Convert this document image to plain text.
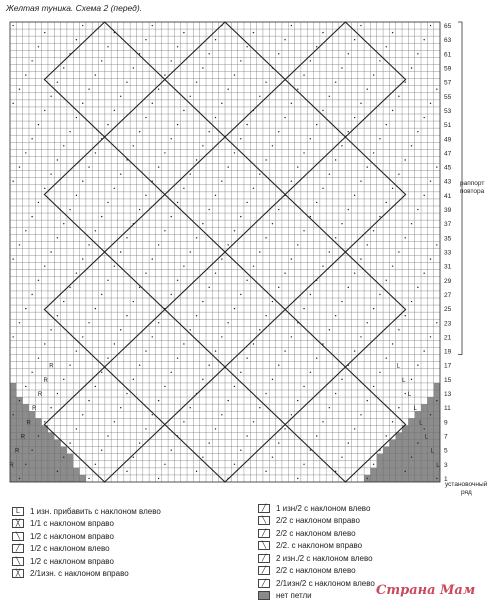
Желтая туника. Схема 2 (перед).
65
63
61
59
57
55
53
51
49
47
45
43
41
39
37
35
33
31
29
27
25
23
21
19
17
15
13
11
9
7
5
3
1
R	L
R	L
R	L
R	L
R	L
R	L
R	L
R	L
раппорт
повтора
установочный
ряд
L	1 изн. прибавить с наклоном влево
╳	1/1 с наклоном вправо
╲	1/2 с наклоном вправо
╱	1/2 с наклоном влево
╲	1/2 с наклоном вправо
╳	2/1изн. с наклоном вправо
╱	1 изн/2 с наклоном влево
╲	2/2 с наклоном вправо
╱	2/2 с наклоном влево
╲	2/2. с наклоном вправо
╱	2 изн./2 с наклоном влево
╱	2/2 с наклоном влево
╱	2/1изн/2 с наклоном влево
нет петли	Страна Мам
